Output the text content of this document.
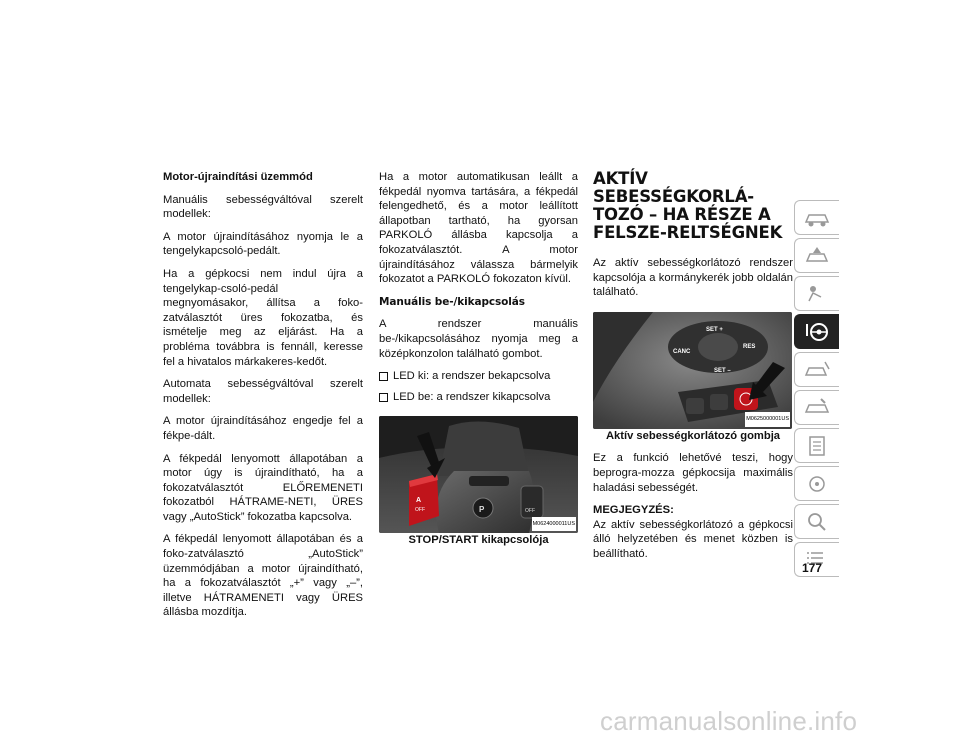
Motor-újraindítási üzemmód

Manuális sebességváltóval szerelt modellek:

A motor újraindításához nyomja le a tengelykapcsoló-pedált.

Ha a gépkocsi nem indul újra a tengelykap-csoló-pedál megnyomásakor, állítsa a foko-zatválasztót üres fokozatba, és ismételje meg az eljárást. Ha a probléma továbbra is fennáll, keresse fel a hivatalos márkakeres-kedőt.

Automata sebességváltóval szerelt modellek:

A motor újraindításához engedje fel a fékpe-dált.

A fékpedál lenyomott állapotában a motor úgy is újraindítható, ha a fokozatválasztót ELŐREMENETI fokozatból HÁTRAME-NETI, ÜRES vagy „AutoStick” fokozatba kapcsolva.

A fékpedál lenyomott állapotában és a foko-zatválasztó „AutoStick” üzemmódjában a motor újraindítható, ha a fokozatválasztót „+” vagy „–”, illetve HÁTRAMENETI vagy ÜRES állásba mozdítja.

Ha a motor automatikusan leállt a fékpedál nyomva tartására, a fékpedál felengedhető, és a motor leállított állapotban tartható, ha gyorsan PARKOLÓ állásba kapcsolja a fokozatválasztót. A motor újraindításához válassza bármelyik fokozatot a PARKOLÓ fokozaton kívül.

Manuális be-/kikapcsolás

A rendszer manuális be-/kikapcsolásához nyomja meg a középkonzolon található gombot.

LED ki: a rendszer bekapcsolva
LED be: a rendszer kikapcsolva
A
OFF	P	OFF
M0624000011US

STOP/START kikapcsolója

AKTÍV SEBESSÉGKORLÁ-TOZÓ – HA RÉSZE A FELSZE-RELTSÉGNEK

Az aktív sebességkorlátozó rendszer kapcsolója a kormánykerék jobb oldalán található.

SET +
CANC
RES
SET –
M0625000001US

Aktív sebességkorlátozó gombja

Ez a funkció lehetővé teszi, hogy beprogra-mozza gépkocsija maximális haladási sebességét.

MEGJEGYZÉS:

Az aktív sebességkorlátozó a gépkocsi álló helyzetében és menet közben is beállítható.

177
carmanualsonline.info
